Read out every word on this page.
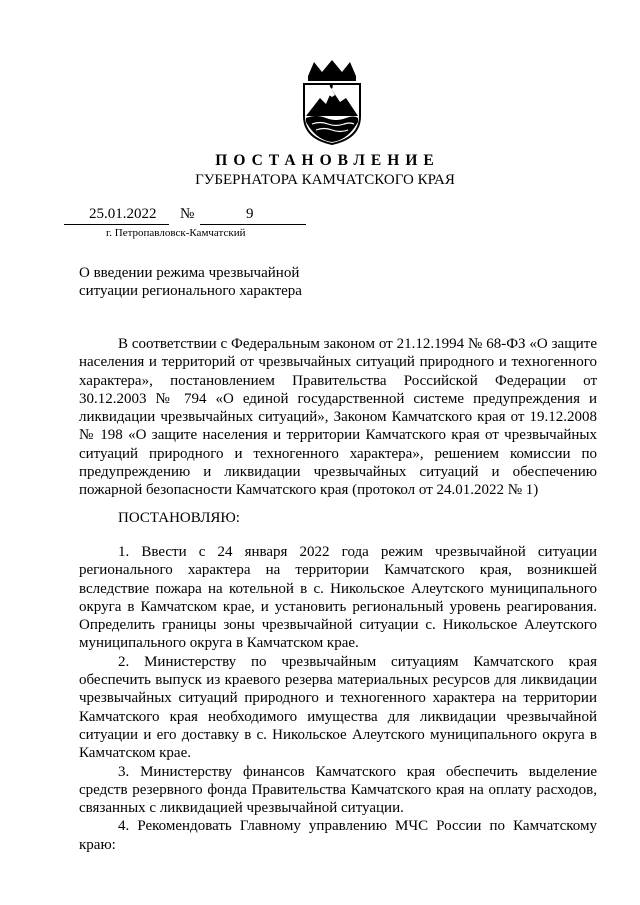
ПОСТАНОВЛЕНИЕ
ГУБЕРНАТОРА КАМЧАТСКОГО КРАЯ
25.01.2022 №	9
г. Петропавловск-Камчатский
О введении режима чрезвычайной
ситуации регионального характера

В соответствии с Федеральным законом от 21.12.1994 № 68-ФЗ «О защите населения и территорий от чрезвычайных ситуаций природного и техногенного характера», постановлением Правительства Российской Федерации от 30.12.2003 № 794 «О единой государственной системе предупреждения и ликвидации чрезвычайных ситуаций», Законом Камчатского края от 19.12.2008 № 198 «О защите населения и территории Камчатского края от чрезвычайных ситуаций природного и техногенного характера», решением комиссии по предупреждению и ликвидации чрезвычайных ситуаций и обеспечению пожарной безопасности Камчатского края (протокол от 24.01.2022 № 1)

ПОСТАНОВЛЯЮ:

1. Ввести с 24 января 2022 года режим чрезвычайной ситуации регионального характера на территории Камчатского края, возникшей вследствие пожара на котельной в с. Никольское Алеутского муниципального округа в Камчатском крае, и установить региональный уровень реагирования. Определить границы зоны чрезвычайной ситуации с. Никольское Алеутского муниципального округа в Камчатском крае.

2. Министерству по чрезвычайным ситуациям Камчатского края обеспечить выпуск из краевого резерва материальных ресурсов для ликвидации чрезвычайных ситуаций природного и техногенного характера на территории Камчатского края необходимого имущества для ликвидации чрезвычайной ситуации и его доставку в с. Никольское Алеутского муниципального округа в Камчатском крае.

3. Министерству финансов Камчатского края обеспечить выделение средств резервного фонда Правительства Камчатского края на оплату расходов, связанных с ликвидацией чрезвычайной ситуации.

4. Рекомендовать Главному управлению МЧС России по Камчатскому краю:
